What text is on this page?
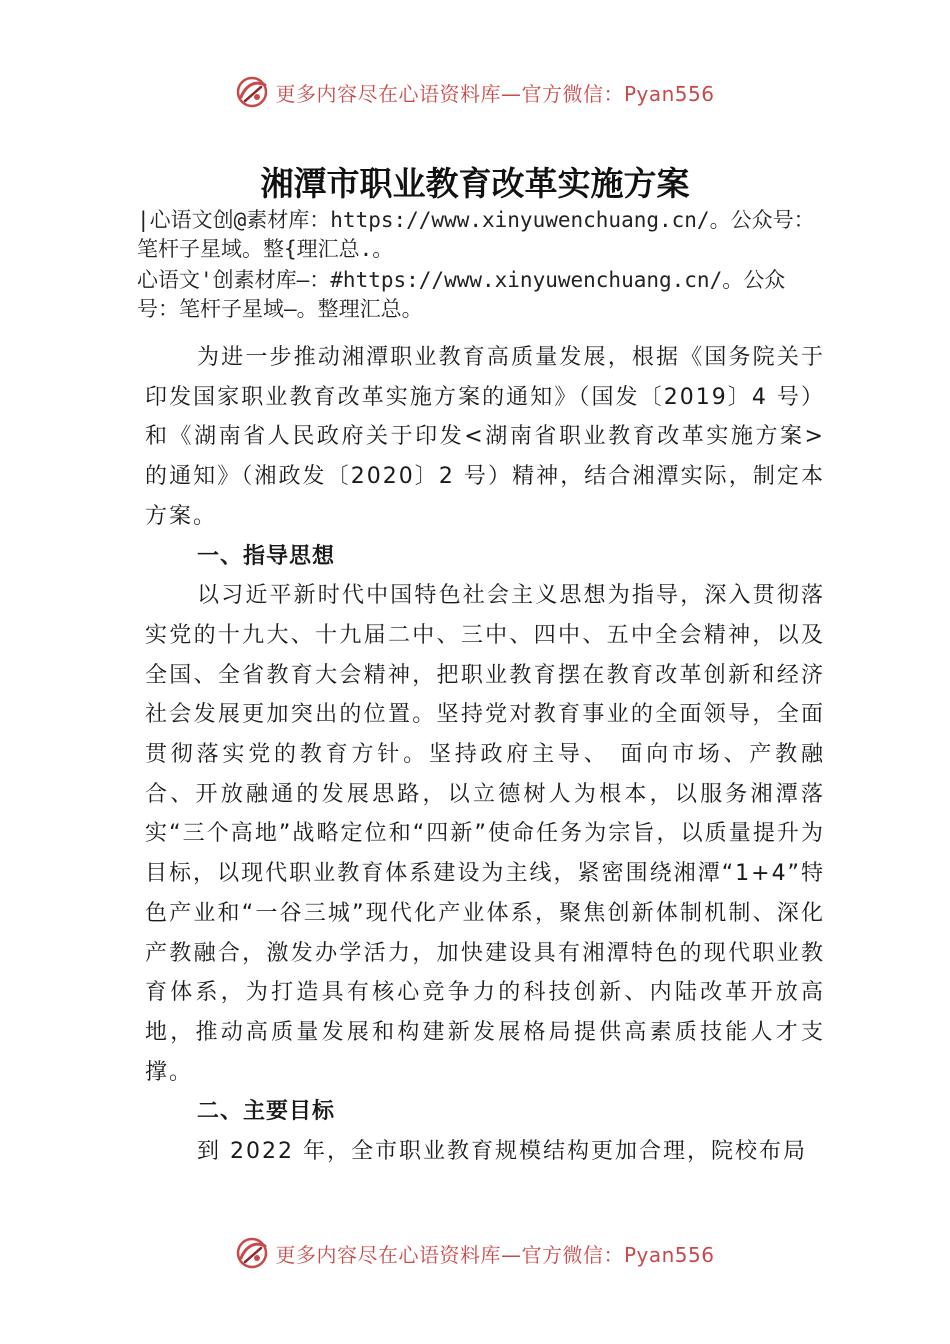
更多内容尽在心语资料库—官方微信：Pyan556
湘潭市职业教育改革实施方案
|心语文创@素材库：https://www.xinyuwenchuang.cn/。公众号：笔杆子星域。整{理汇总.。
心语文'创素材库—：#https://www.xinyuwenchuang.cn/。公众号：笔杆子星域—。整理汇总。

为进一步推动湘潭职业教育高质量发展，根据《国务院关于印发国家职业教育改革实施方案的通知》（国发〔2019〕4 号）和《湖南省人民政府关于印发<湖南省职业教育改革实施方案>的通知》（湘政发〔2020〕2 号）精神，结合湘潭实际，制定本方案。

一、指导思想

以习近平新时代中国特色社会主义思想为指导，深入贯彻落实党的十九大、十九届二中、三中、四中、五中全会精神，以及全国、全省教育大会精神，把职业教育摆在教育改革创新和经济社会发展更加突出的位置。坚持党对教育事业的全面领导，全面贯彻落实党的教育方针。坚持政府主导、 面向市场、产教融合、开放融通的发展思路，以立德树人为根本，以服务湘潭落实“三个高地”战略定位和“四新”使命任务为宗旨，以质量提升为目标，以现代职业教育体系建设为主线，紧密围绕湘潭“1+4”特色产业和“一谷三城”现代化产业体系，聚焦创新体制机制、深化产教融合，激发办学活力，加快建设具有湘潭特色的现代职业教育体系，为打造具有核心竞争力的科技创新、内陆改革开放高地，推动高质量发展和构建新发展格局提供高素质技能人才支撑。

二、主要目标

到 2022 年，全市职业教育规模结构更加合理，院校布局

更多内容尽在心语资料库—官方微信：Pyan556
